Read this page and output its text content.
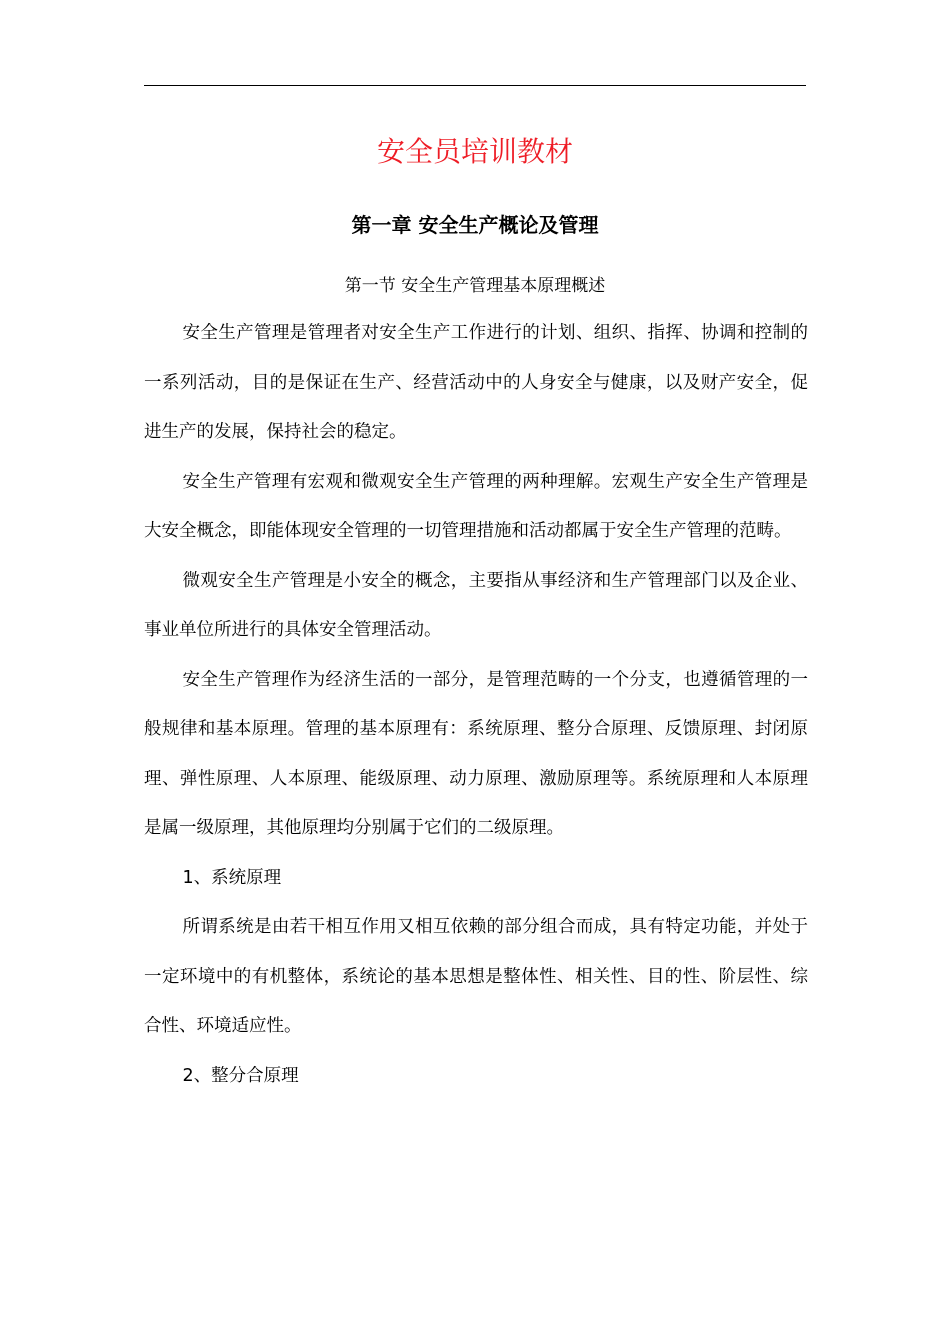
安全员培训教材
第一章 安全生产概论及管理
第一节 安全生产管理基本原理概述

安全生产管理是管理者对安全生产工作进行的计划、组织、指挥、协调和控制的一系列活动，目的是保证在生产、经营活动中的人身安全与健康，以及财产安全，促进生产的发展，保持社会的稳定。

安全生产管理有宏观和微观安全生产管理的两种理解。宏观生产安全生产管理是大安全概念，即能体现安全管理的一切管理措施和活动都属于安全生产管理的范畴。

微观安全生产管理是小安全的概念，主要指从事经济和生产管理部门以及企业、事业单位所进行的具体安全管理活动。

安全生产管理作为经济生活的一部分，是管理范畴的一个分支，也遵循管理的一般规律和基本原理。管理的基本原理有：系统原理、整分合原理、反馈原理、封闭原理、弹性原理、人本原理、能级原理、动力原理、激励原理等。系统原理和人本原理是属一级原理，其他原理均分别属于它们的二级原理。

1、系统原理

所谓系统是由若干相互作用又相互依赖的部分组合而成，具有特定功能，并处于一定环境中的有机整体，系统论的基本思想是整体性、相关性、目的性、阶层性、综合性、环境适应性。

2、整分合原理
